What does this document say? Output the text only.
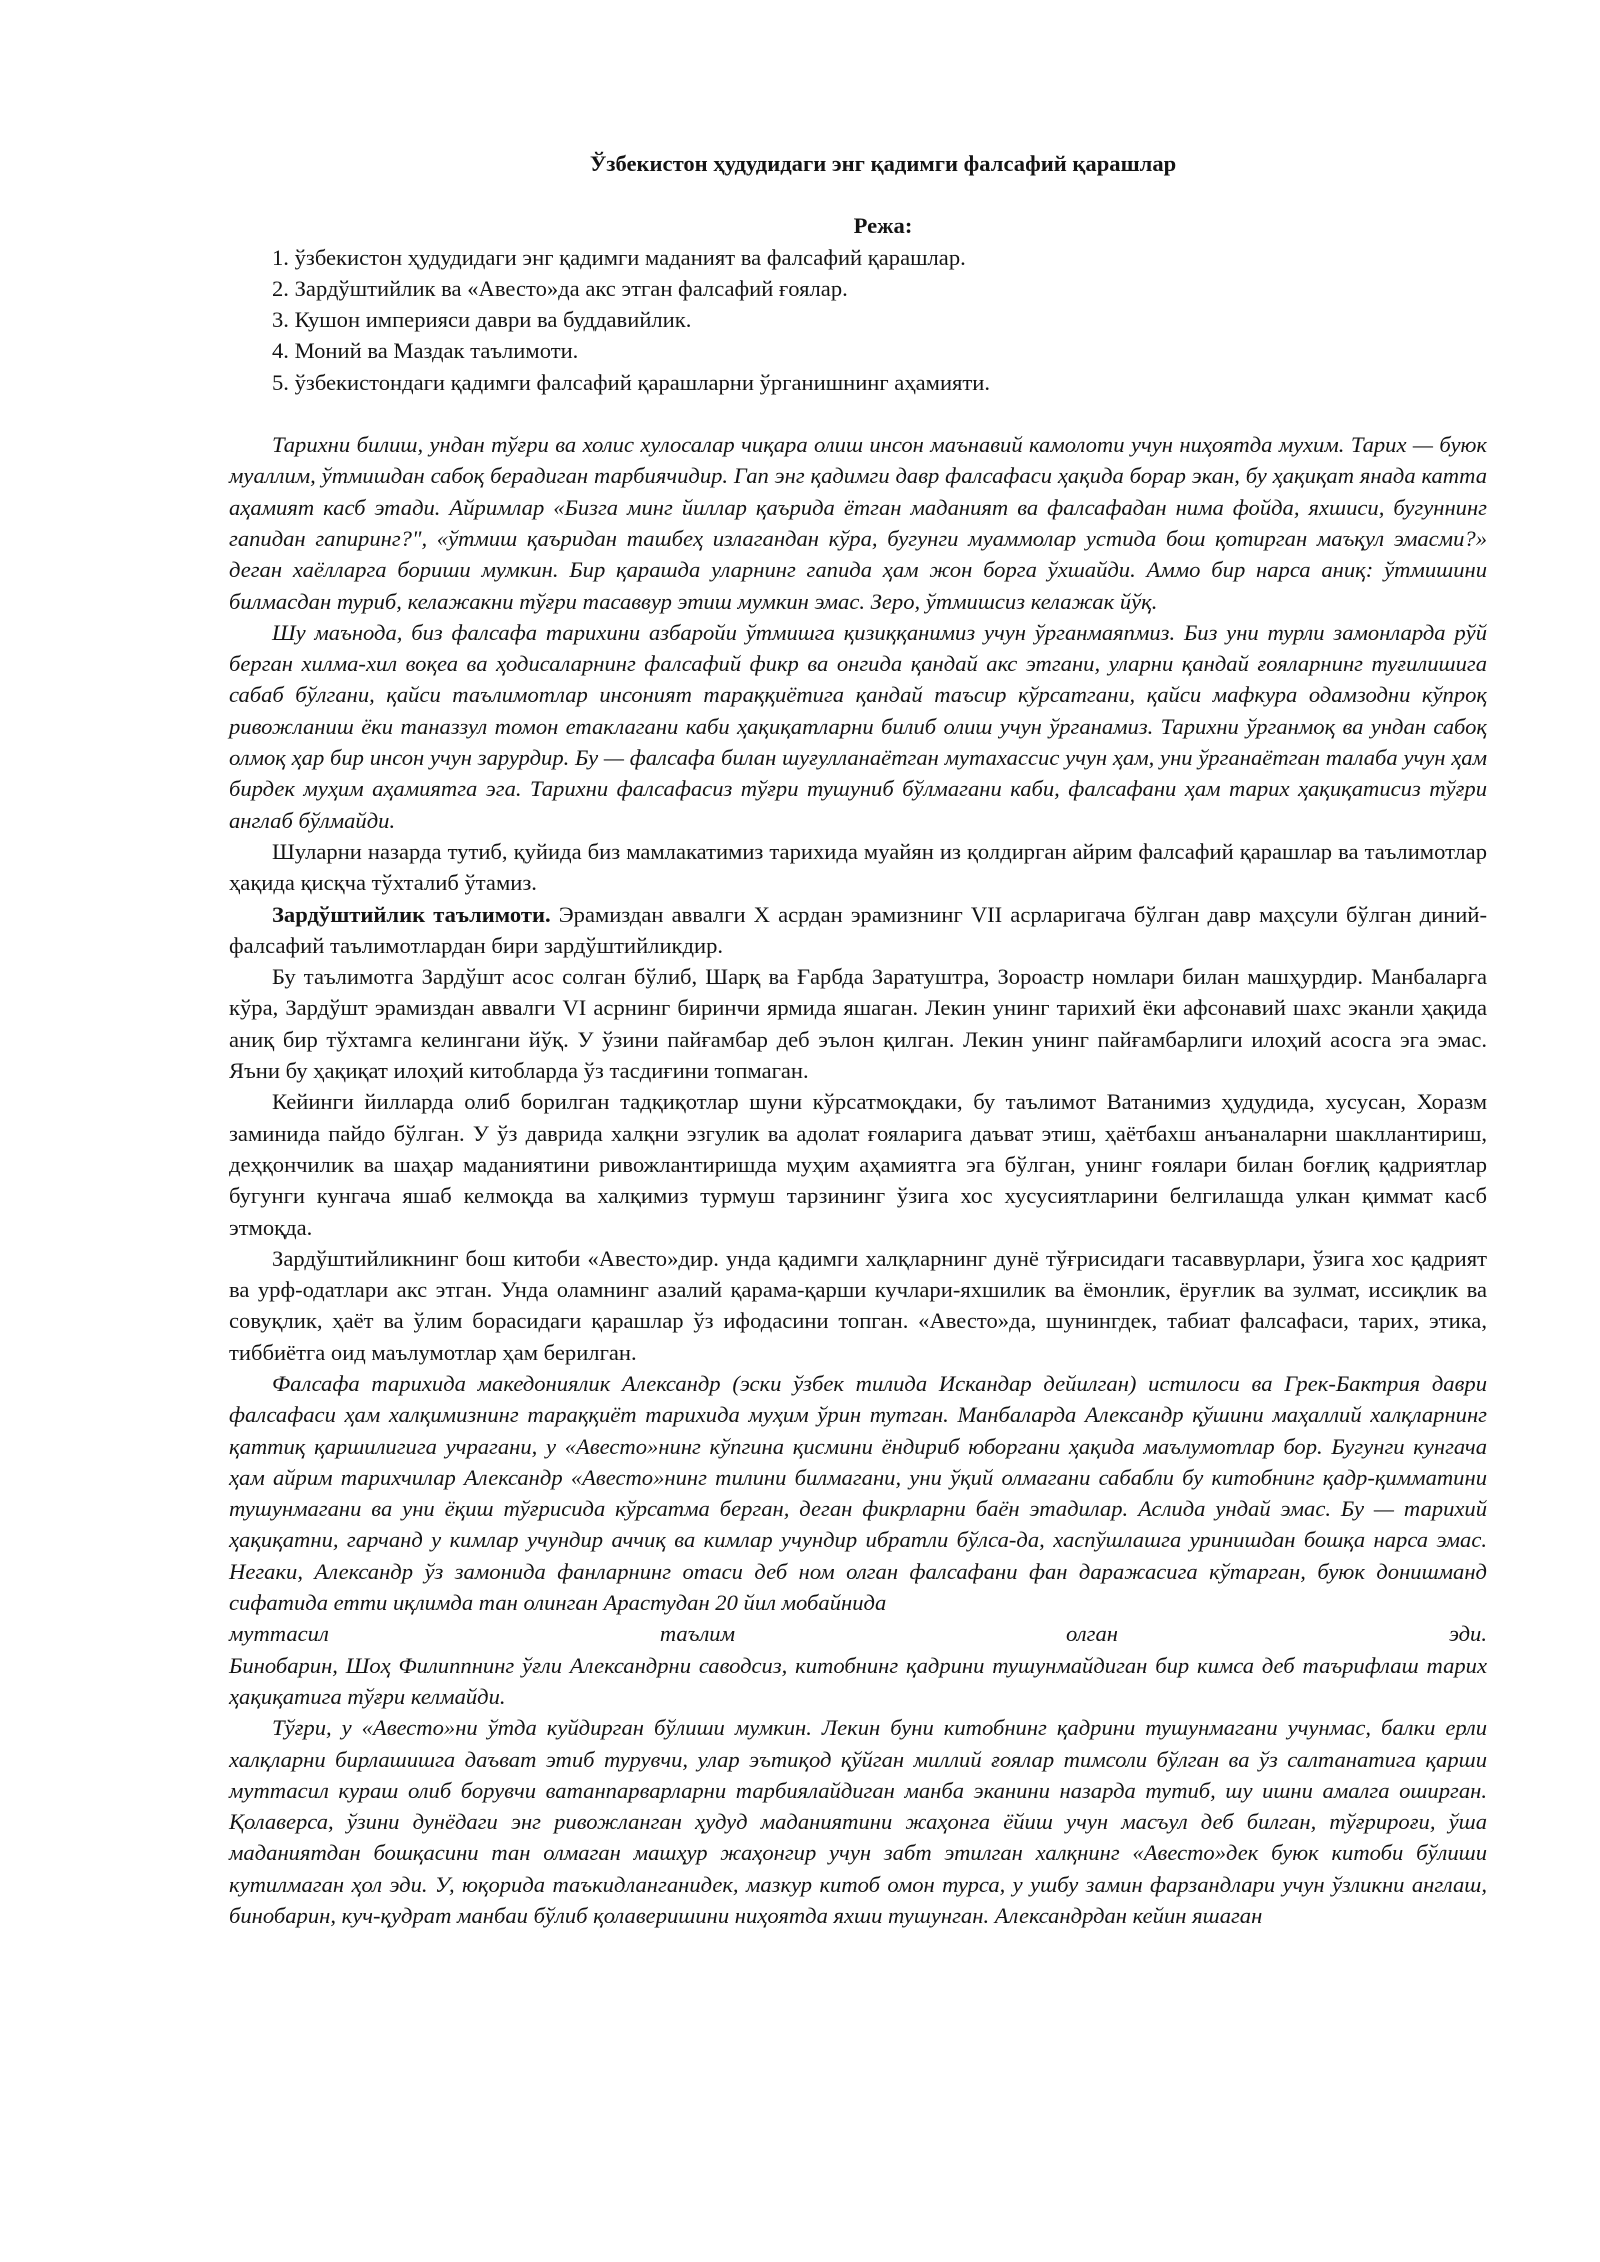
Ўзбекистон ҳудудидаги энг қадимги фалсафий қарашлар
Режа:
1. ўзбекистон ҳудудидаги энг қадимги маданият ва фалсафий қарашлар.
2. Зардўштийлик ва «Авесто»да акс этган фалсафий ғоялар.
3. Кушон империяси даври ва буддавийлик.
4. Моний ва Маздак таълимоти.
5. ўзбекистондаги қадимги фалсафий қарашларни ўрганишнинг аҳамияти.

Тарихни билиш, ундан тўғри ва холис хулосалар чиқара олиш инсон маънавий камолоти учун ниҳоятда мухим. Тарих — буюк муаллим, ўтмишдан сабоқ берадиган тарбиячидир. Гап энг қадимги давр фалсафаси ҳақида борар экан, бу ҳақиқат янада катта аҳамият касб этади. Айримлар «Бизга минг йиллар қаърида ётган маданият ва фалсафадан нима фойда, яхшиси, бугуннинг гапидан гапиринг?", «ўтмиш қаъридан ташбеҳ излагандан кўра, бугунги муаммолар устида бош қотирган маъқул эмасми?» деган хаёлларга бориши мумкин. Бир қарашда уларнинг гапида ҳам жон борга ўхшайди. Аммо бир нарса аниқ: ўтмишини билмасдан туриб, келажакни тўғри тасаввур этиш мумкин эмас. Зеро, ўтмишсиз келажак йўқ.

Шу маънода, биз фалсафа тарихини азбаройи ўтмишга қизиққанимиз учун ўрганмаяпмиз. Биз уни турли замонларда рўй берган хилма-хил воқеа ва ҳодисаларнинг фалсафий фикр ва онгида қандай акс этгани, уларни қандай ғояларнинг туғилишига сабаб бўлгани, қайси таълимотлар инсоният тараққиётига қандай таъсир кўрсатгани, қайси мафкура одамзодни кўпроқ ривожланиш ёки таназзул томон етаклагани каби ҳақиқатларни билиб олиш учун ўрганамиз. Тарихни ўрганмоқ ва ундан сабоқ олмоқ ҳар бир инсон учун зарурдир. Бу — фалсафа билан шуғулланаётган мутахассис учун ҳам, уни ўрганаётган талаба учун ҳам бирдек муҳим аҳамиятга эга. Тарихни фалсафасиз тўғри тушуниб бўлмагани каби, фалсафани ҳам тарих ҳақиқатисиз тўғри англаб бўлмайди.

Шуларни назарда тутиб, қуйида биз мамлакатимиз тарихида муайян из қолдирган айрим фалсафий қарашлар ва таълимотлар ҳақида қисқча тўхталиб ўтамиз.

Зардўштийлик таълимоти. Эрамиздан аввалги X асрдан эрамизнинг VII асрларигача бўлган давр маҳсули бўлган диний-фалсафий таълимотлардан бири зардўштийликдир.

Бу таълимотга Зардўшт асос солган бўлиб, Шарқ ва Ғарбда Заратуштра, Зороастр номлари билан машҳурдир. Манбаларга кўра, Зардўшт эрамиздан аввалги VI асрнинг биринчи ярмида яшаган. Лекин унинг тарихий ёки афсонавий шахс эканли ҳақида аниқ бир тўхтамга келингани йўқ. У ўзини пайғамбар деб эълон қилган. Лекин унинг пайғамбарлиги илоҳий асосга эга эмас. Яъни бу ҳақиқат илоҳий китобларда ўз тасдиғини топмаган.

Кейинги йилларда олиб борилган тадқиқотлар шуни кўрсатмоқдаки, бу таълимот Ватанимиз ҳудудида, хусусан, Хоразм заминида пайдо бўлган. У ўз даврида халқни эзгулик ва адолат ғояларига даъват этиш, ҳаётбахш анъаналарни шакллантириш, деҳқончилик ва шаҳар маданиятини ривожлантиришда муҳим аҳамиятга эга бўлган, унинг ғоялари билан боғлиқ қадриятлар бугунги кунгача яшаб келмоқда ва халқимиз турмуш тарзининг ўзига хос хусусиятларини белгилашда улкан қиммат касб этмоқда.

Зардўштийликнинг бош китоби «Авесто»дир. унда қадимги халқларнинг дунё тўғрисидаги тасаввурлари, ўзига хос қадрият ва урф-одатлари акс этган. Унда оламнинг азалий қарама-қарши кучлари-яхшилик ва ёмонлик, ёруғлик ва зулмат, иссиқлик ва совуқлик, ҳаёт ва ўлим борасидаги қарашлар ўз ифодасини топган. «Авесто»да, шунингдек, табиат фалсафаси, тарих, этика, тиббиётга оид маълумотлар ҳам берилган.

Фалсафа тарихида македониялик Александр (эски ўзбек тилида Искандар дейилган) истилоси ва Грек-Бактрия даври фалсафаси ҳам халқимизнинг тараққиёт тарихида муҳим ўрин тутган. Манбаларда Александр қўшини маҳаллий халқларнинг қаттиқ қаршилигига учрагани, у «Авесто»нинг кўпгина қисмини ёндириб юборгани ҳақида маълумотлар бор. Бугунги кунгача ҳам айрим тарихчилар Александр «Авесто»нинг тилини билмагани, уни ўқий олмагани сабабли бу китобнинг қадр-қимматини тушунмагани ва уни ёқиш тўғрисида кўрсатма берган, деган фикрларни баён этадилар. Аслида ундай эмас. Бу — тарихий ҳақиқатни, гарчанд у кимлар учундир аччиқ ва кимлар учундир ибратли бўлса-да, хаспўшлашга уринишдан бошқа нарса эмас. Негаки, Александр ўз замонида фанларнинг отаси деб ном олган фалсафани фан даражасига кўтарган, буюк донишманд сифатида етти иқлимда тан олинган Арастудан 20 йил мобайнида

муттасил таълим олган эди.

Бинобарин, Шоҳ Филиппнинг ўғли Александрни саводсиз, китобнинг қадрини тушунмайдиган бир кимса деб таърифлаш тарих ҳақиқатига тўғри келмайди.

Тўғри, у «Авесто»ни ўтда куйдирган бўлиши мумкин. Лекин буни китобнинг қадрини тушунмагани учунмас, балки ерли халқларни бирлашишга даъват этиб турувчи, улар эътиқод қўйган миллий ғоялар тимсоли бўлган ва ўз салтанатига қарши муттасил кураш олиб борувчи ватанпарварларни тарбиялайдиган манба эканини назарда тутиб, шу ишни амалга оширган. Қолаверса, ўзини дунёдаги энг ривожланган ҳудуд маданиятини жаҳонга ёйиш учун масъул деб билган, тўғрироғи, ўша маданиятдан бошқасини тан олмаган машҳур жаҳонгир учун забт этилган халқнинг «Авесто»дек буюк китоби бўлиши кутилмаган ҳол эди. У, юқорида таъкидланганидек, мазкур китоб омон турса, у ушбу замин фарзандлари учун ўзликни англаш, бинобарин, куч-қудрат манбаи бўлиб қолаверишини ниҳоятда яхши тушунган. Александрдан кейин яшаган
